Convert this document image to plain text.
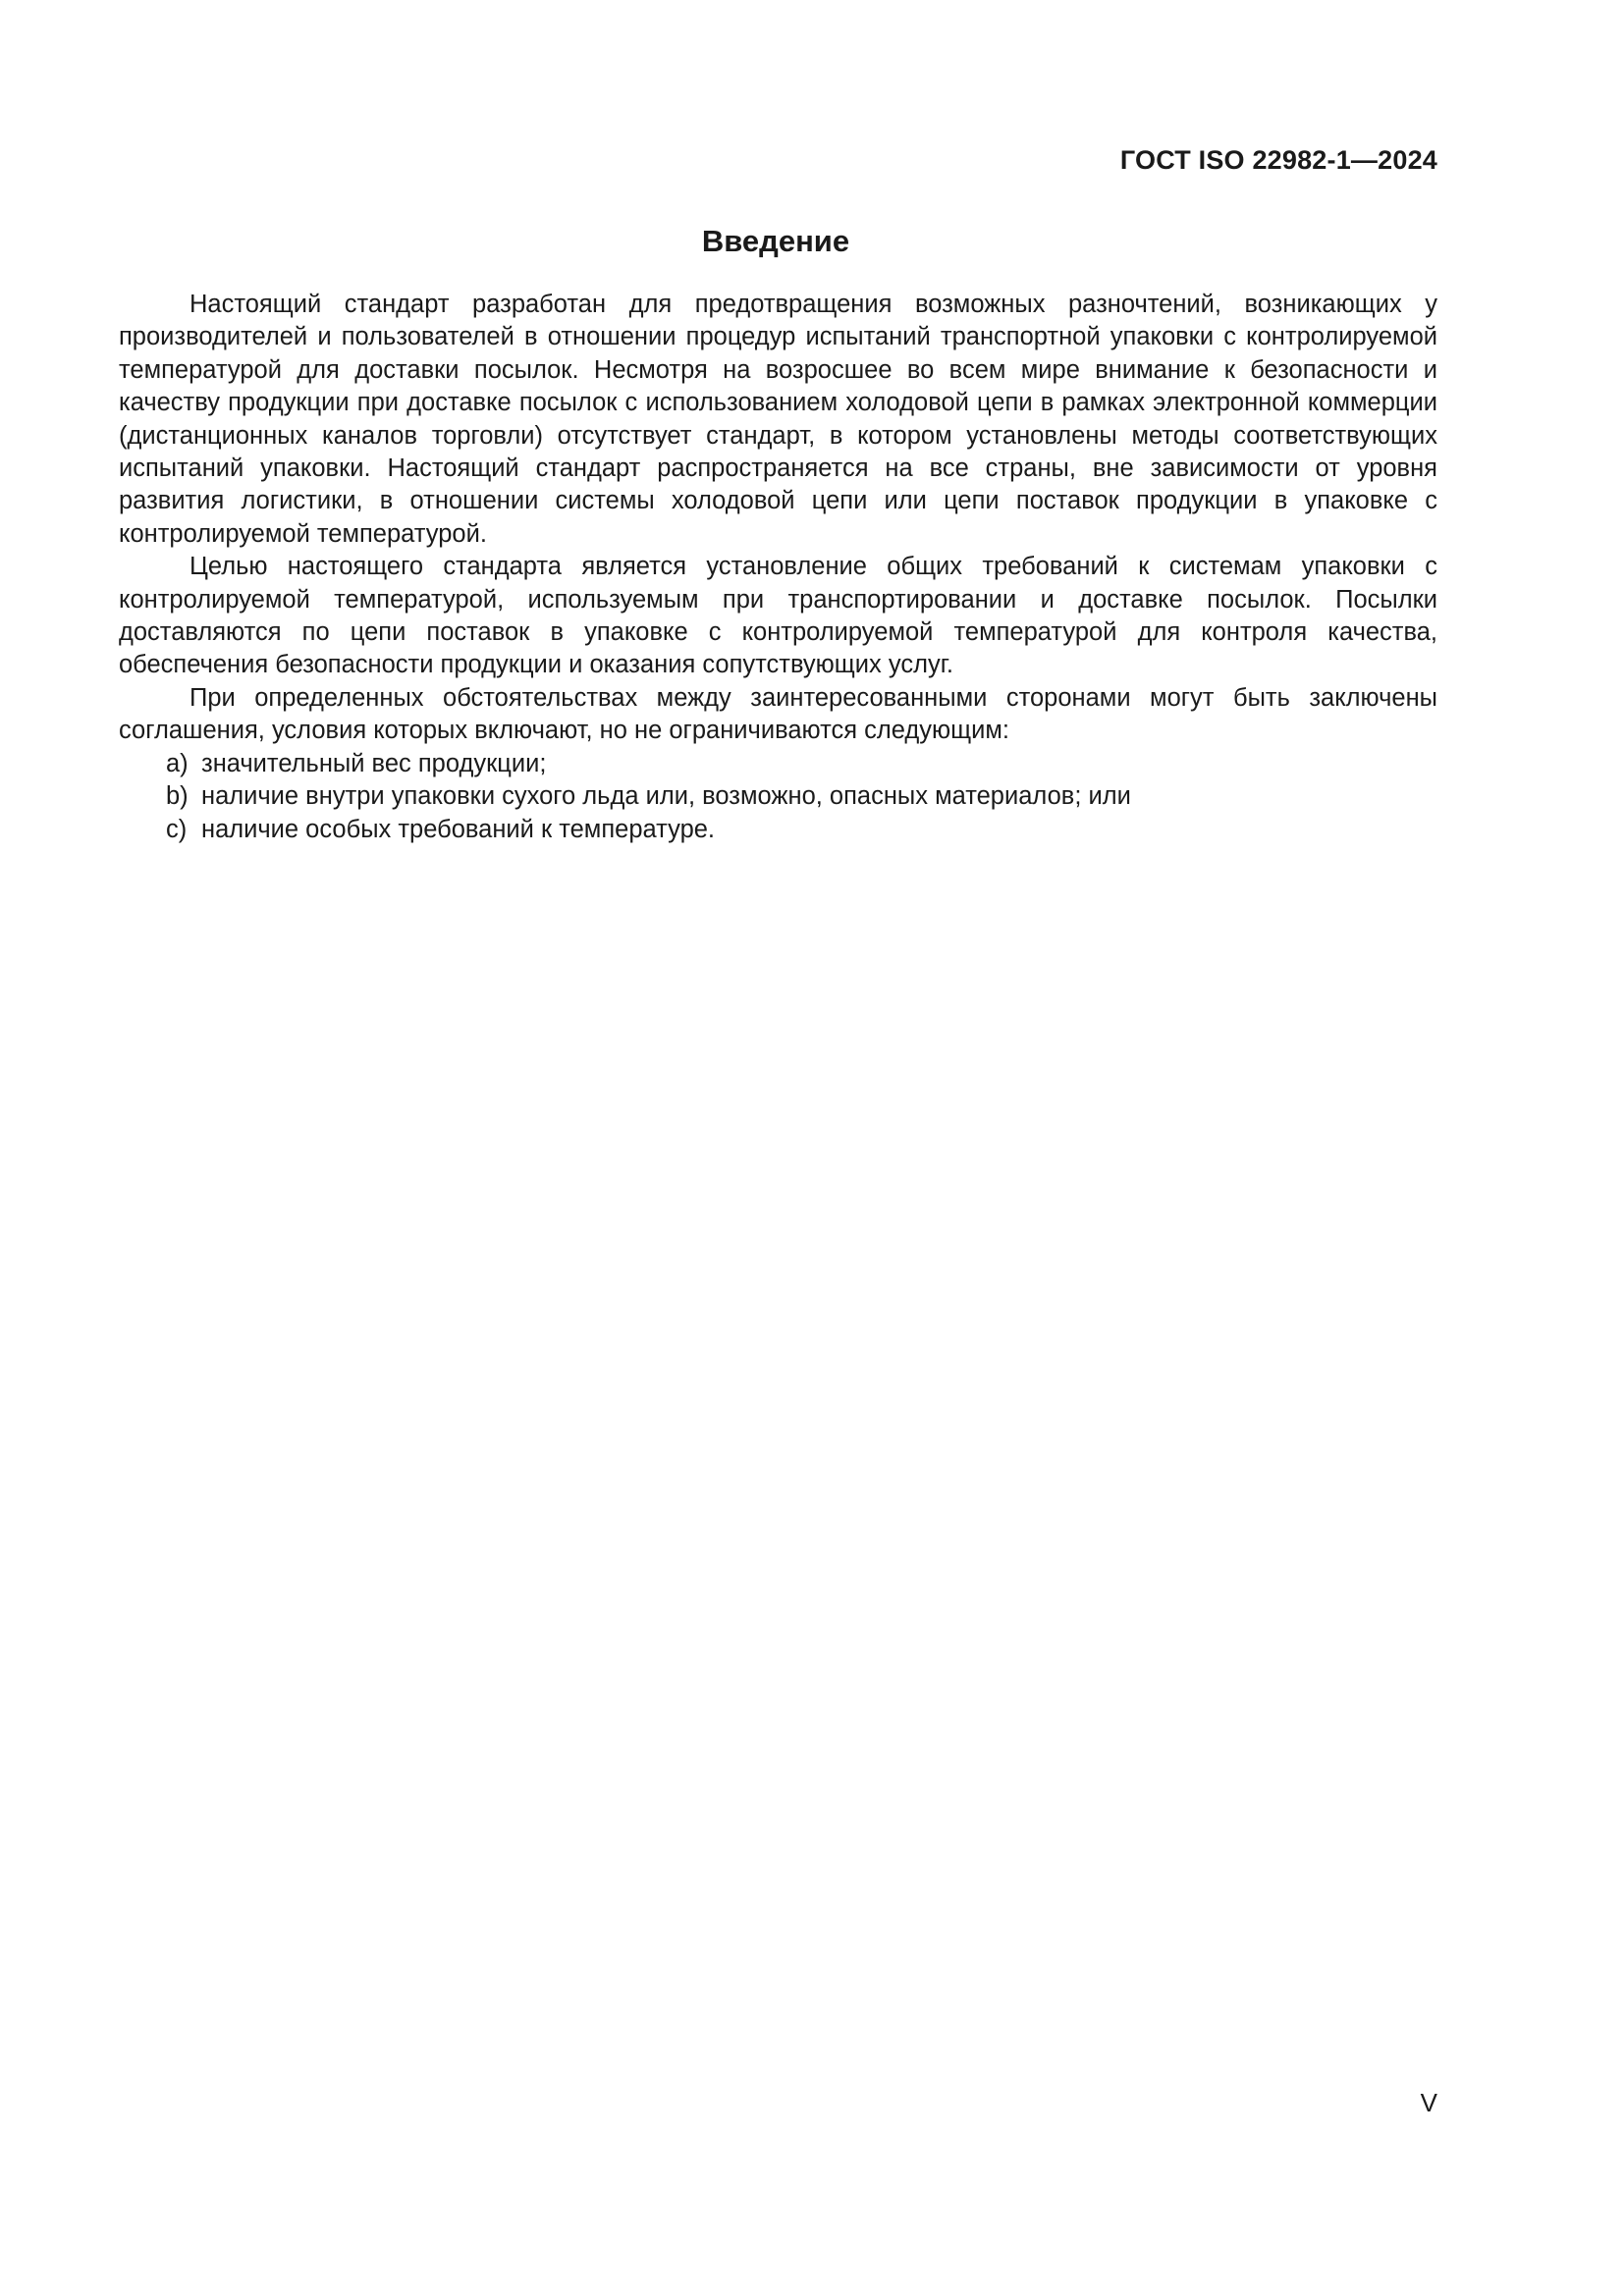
ГОСТ ISO 22982-1—2024
Введение

Настоящий стандарт разработан для предотвращения возможных разночтений, возникающих у производителей и пользователей в отношении процедур испытаний транспортной упаковки с контролируемой температурой для доставки посылок. Несмотря на возросшее во всем мире внимание к безопасности и качеству продукции при доставке посылок с использованием холодовой цепи в рамках электронной коммерции (дистанционных каналов торговли) отсутствует стандарт, в котором установлены методы соответствующих испытаний упаковки. Настоящий стандарт распространяется на все страны, вне зависимости от уровня развития логистики, в отношении системы холодовой цепи или цепи поставок продукции в упаковке с контролируемой температурой.

Целью настоящего стандарта является установление общих требований к системам упаковки с контролируемой температурой, используемым при транспортировании и доставке посылок. Посылки доставляются по цепи поставок в упаковке с контролируемой температурой для контроля качества, обеспечения безопасности продукции и оказания сопутствующих услуг.

При определенных обстоятельствах между заинтересованными сторонами могут быть заключены соглашения, условия которых включают, но не ограничиваются следующим:

a) значительный вес продукции;
b) наличие внутри упаковки сухого льда или, возможно, опасных материалов; или
c) наличие особых требований к температуре.
V
